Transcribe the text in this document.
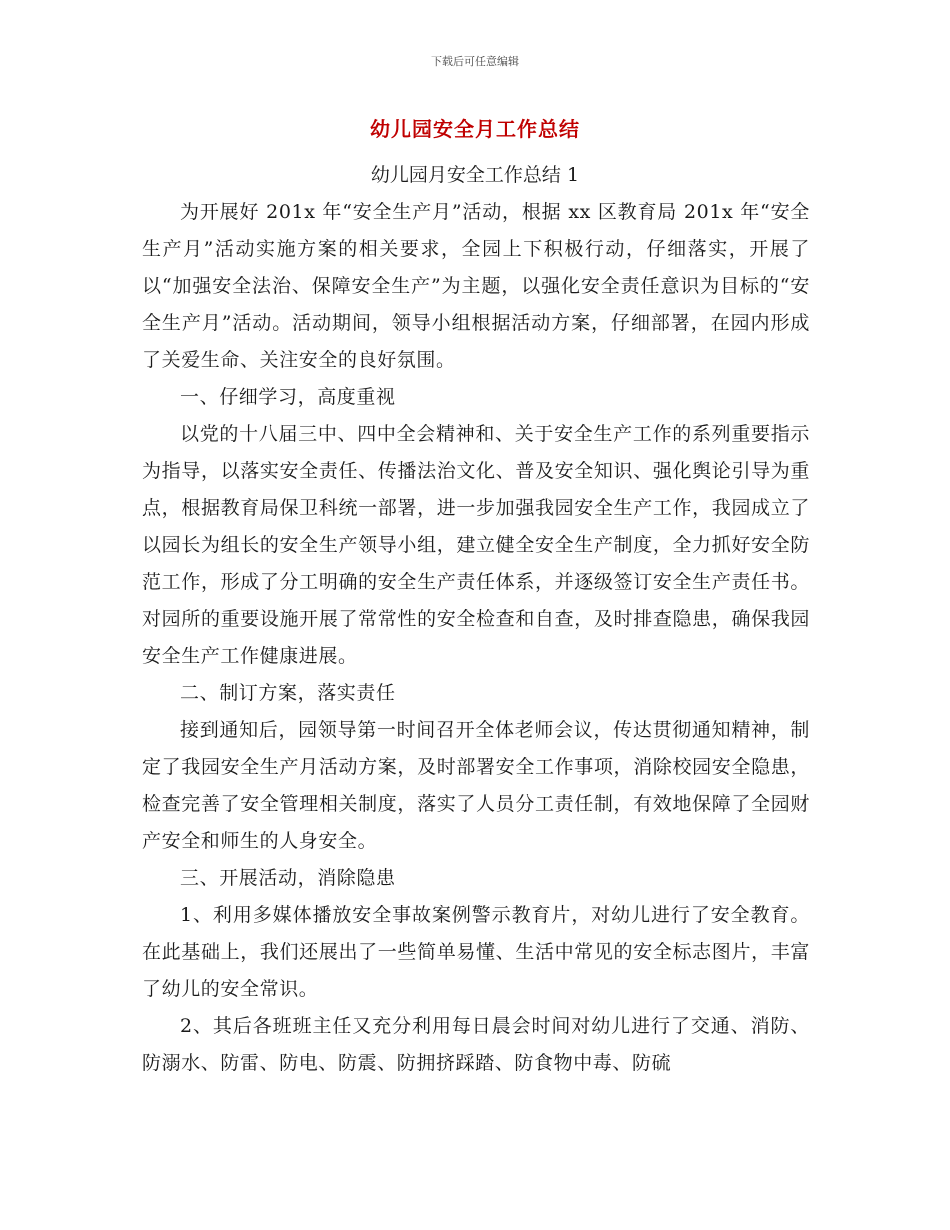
下载后可任意编辑
幼儿园安全月工作总结
幼儿园月安全工作总结 1

为开展好 201x 年“安全生产月”活动，根据 xx 区教育局 201x 年“安全生产月”活动实施方案的相关要求，全园上下积极行动，仔细落实，开展了以“加强安全法治、保障安全生产”为主题，以强化安全责任意识为目标的“安全生产月”活动。活动期间，领导小组根据活动方案，仔细部署，在园内形成了关爱生命、关注安全的良好氛围。

一、仔细学习，高度重视

以党的十八届三中、四中全会精神和、关于安全生产工作的系列重要指示为指导，以落实安全责任、传播法治文化、普及安全知识、强化舆论引导为重点，根据教育局保卫科统一部署，进一步加强我园安全生产工作，我园成立了以园长为组长的安全生产领导小组，建立健全安全生产制度，全力抓好安全防范工作，形成了分工明确的安全生产责任体系，并逐级签订安全生产责任书。对园所的重要设施开展了常常性的安全检查和自查，及时排查隐患，确保我园安全生产工作健康进展。

二、制订方案，落实责任

接到通知后，园领导第一时间召开全体老师会议，传达贯彻通知精神，制定了我园安全生产月活动方案，及时部署安全工作事项，消除校园安全隐患，检查完善了安全管理相关制度，落实了人员分工责任制，有效地保障了全园财产安全和师生的人身安全。

三、开展活动，消除隐患

1、利用多媒体播放安全事故案例警示教育片，对幼儿进行了安全教育。在此基础上，我们还展出了一些简单易懂、生活中常见的安全标志图片，丰富了幼儿的安全常识。

2、其后各班班主任又充分利用每日晨会时间对幼儿进行了交通、消防、防溺水、防雷、防电、防震、防拥挤踩踏、防食物中毒、防硫
